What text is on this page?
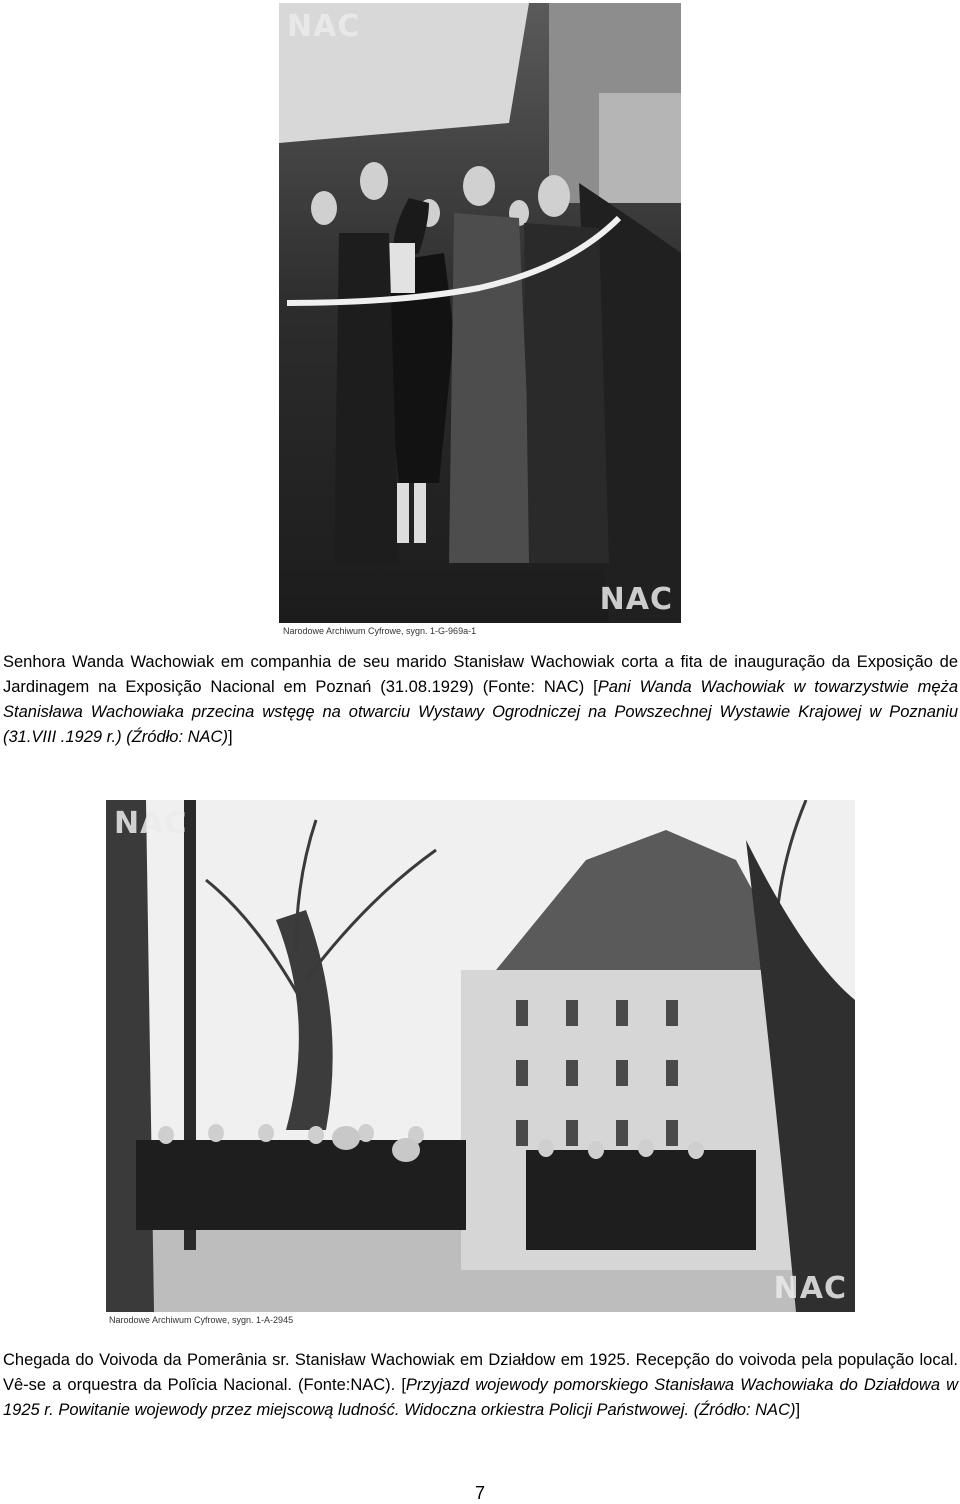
NAC
NAC
Narodowe Archiwum Cyfrowe, sygn. 1-G-969a-1

Senhora Wanda Wachowiak em companhia de seu marido Stanisław Wachowiak corta a fita de inauguração da Exposição de Jardinagem na Exposição Nacional em Poznań (31.08.1929) (Fonte: NAC) [Pani Wanda Wachowiak w towarzystwie męża Stanisława Wachowiaka przecina wstęgę na otwarciu Wystawy Ogrodniczej na Powszechnej Wystawie Krajowej w Poznaniu (31.VIII .1929 r.) (Źródło: NAC)]

NAC
NAC
Narodowe Archiwum Cyfrowe, sygn. 1-A-2945

Chegada do Voivoda da Pomerânia sr. Stanisław Wachowiak em Działdow em 1925. Recepção do voivoda pela população local. Vê-se a orquestra da Polîcia Nacional. (Fonte:NAC). [Przyjazd wojewody pomorskiego Stanisława Wachowiaka do Działdowa w 1925 r. Powitanie wojewody przez miejscową ludność. Widoczna orkiestra Policji Państwowej. (Źródło: NAC)]

7
